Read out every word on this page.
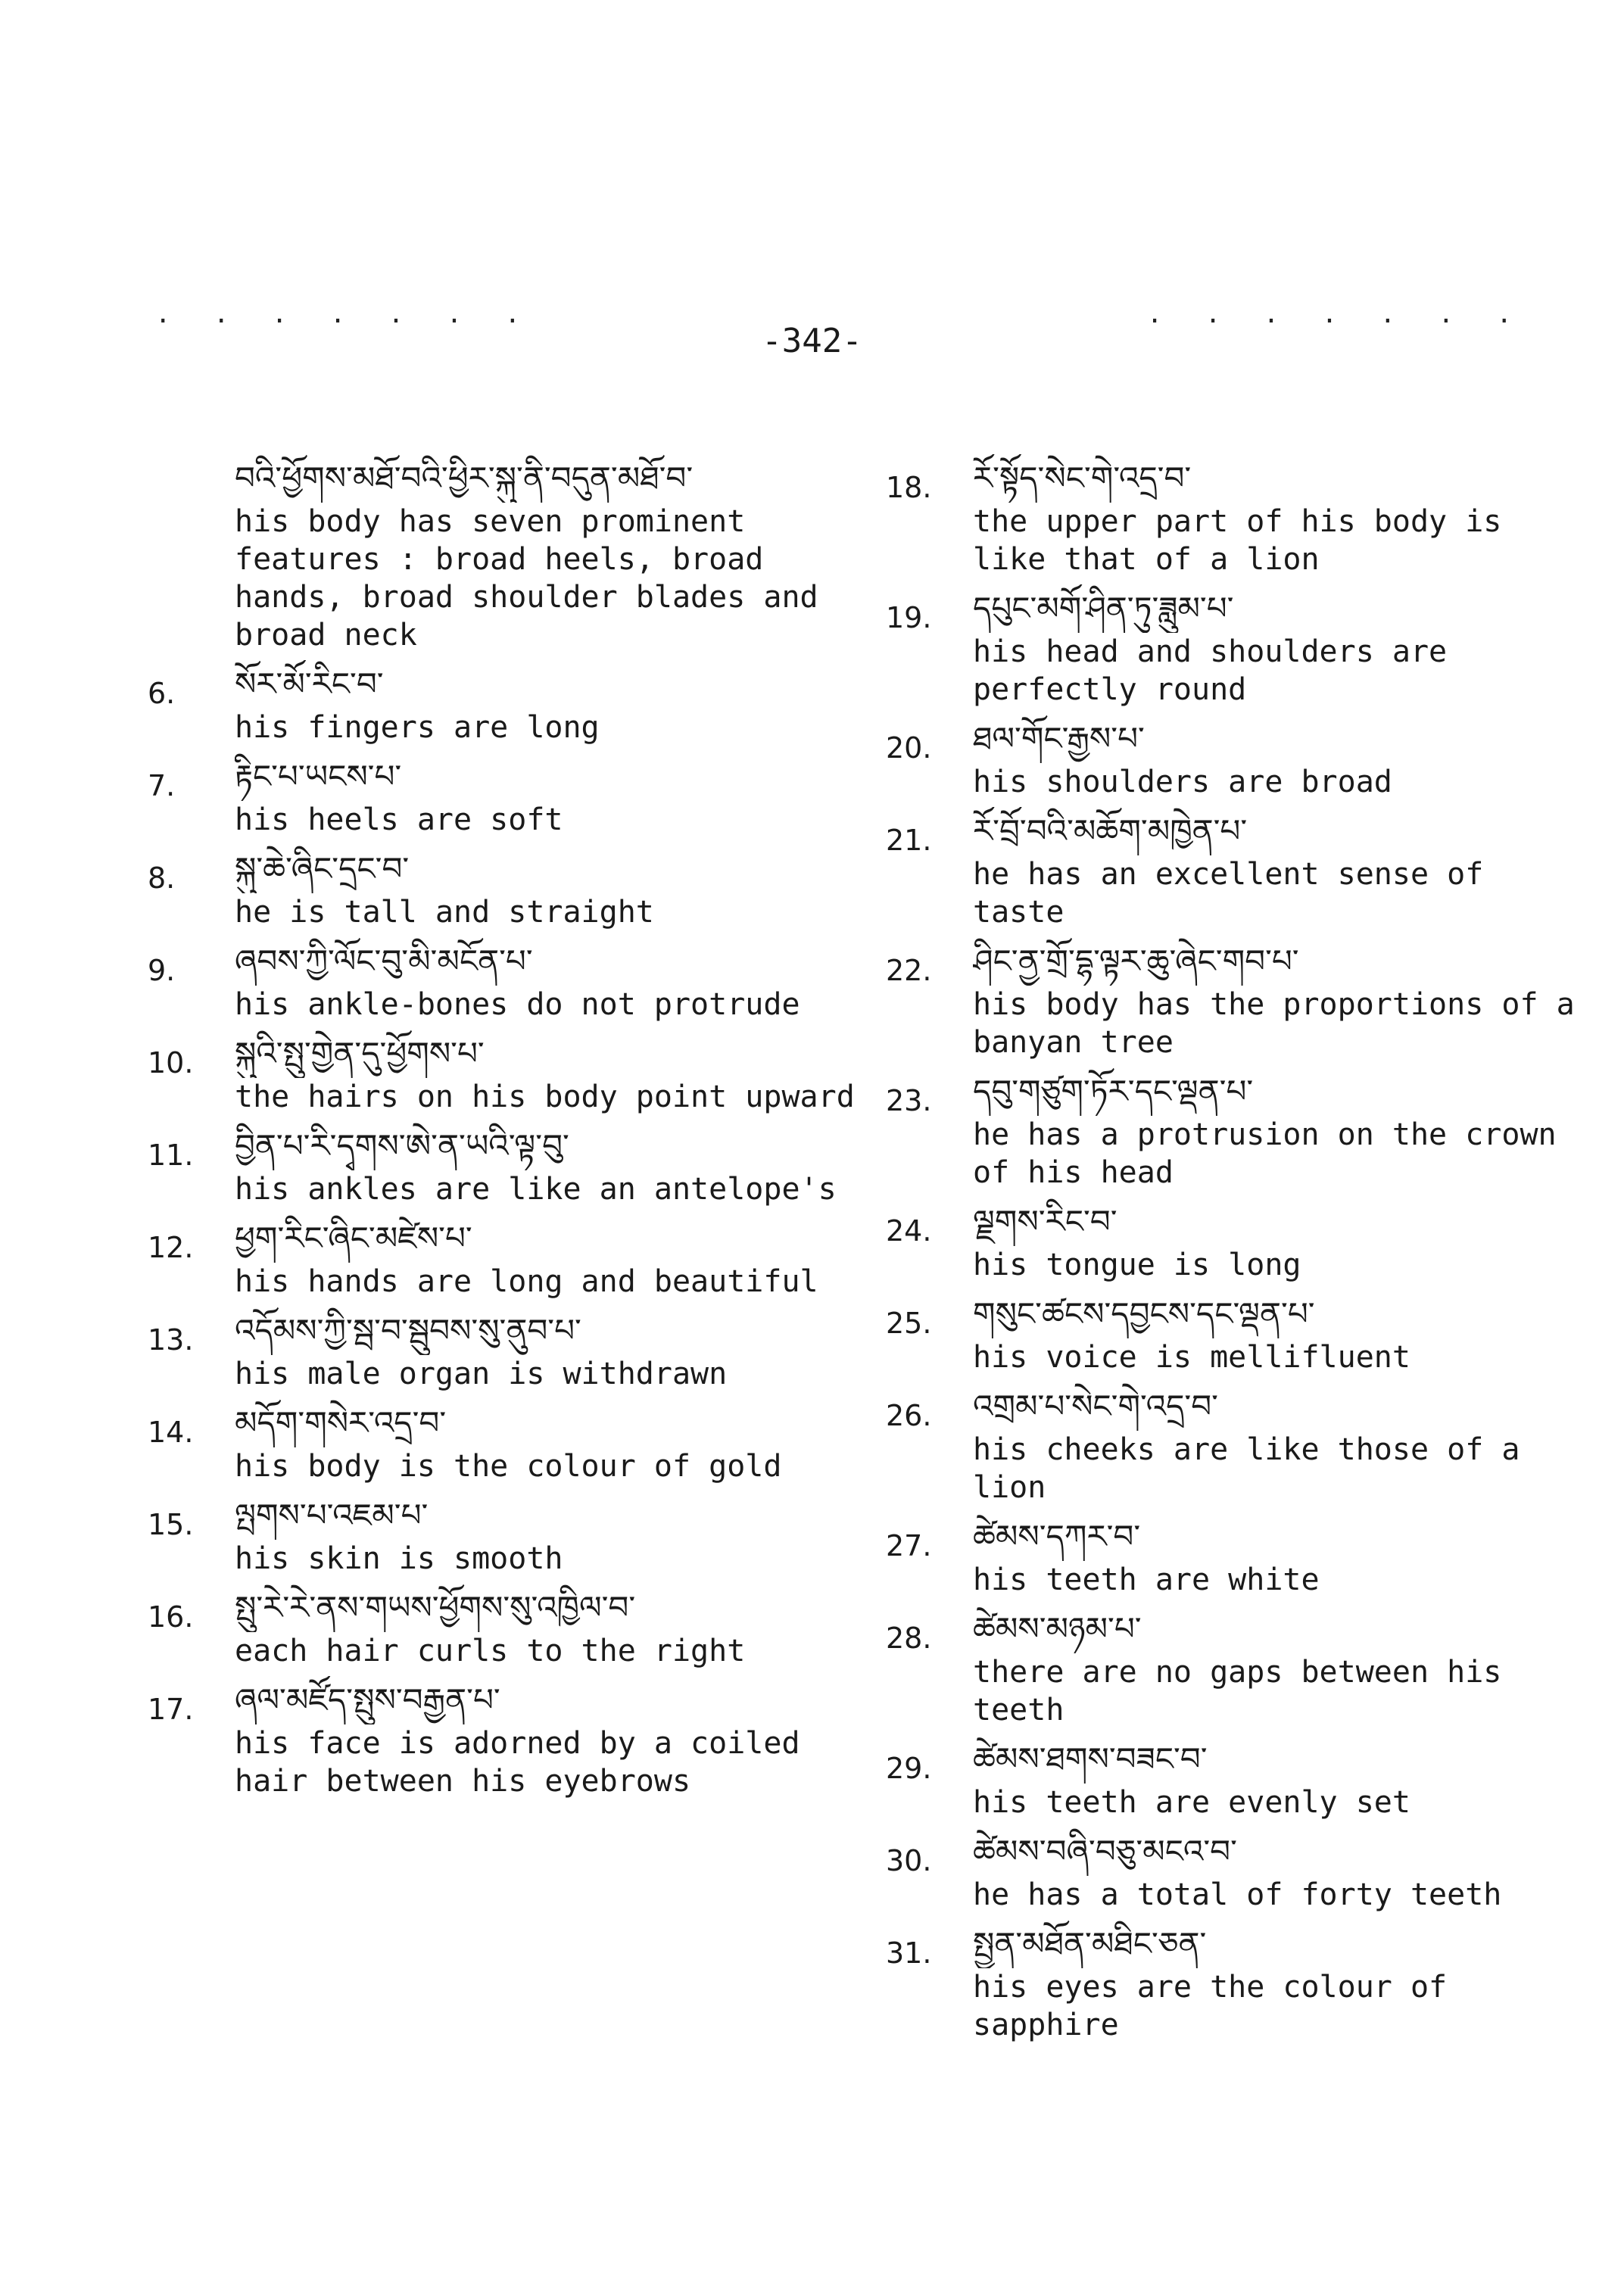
. . . . . . .
-342-
. . . . . . .
བའི་ཕྱོགས་མཐོ་བའི་ཕྱིར་སྐུ་ནི་བདུན་མཐོ་བ་
his body has seven prominent features : broad heels, broad hands, broad shoulder blades and broad neck
6. སོར་མོ་རིང་བ་
his fingers are long
7. རྟིང་པ་ཡངས་པ་
his heels are soft
8. སྐུ་ཆེ་ཞིང་དྲང་བ་
he is tall and straight
9. ཞབས་ཀྱི་ལོང་བུ་མི་མངོན་པ་
his ankle-bones do not protrude
10. སྐུའི་སྤུ་གྱེན་དུ་ཕྱོགས་པ་
the hairs on his body point upward
11. བྱིན་པ་རི་དྭགས་ཨེ་ན་ཡའི་ལྟ་བུ་
his ankles are like an antelope's
12. ཕྱག་རིང་ཞིང་མཛེས་པ་
his hands are long and beautiful
13. འདོམས་ཀྱི་སྦ་བ་སྦུབས་སུ་ནུབ་པ་
his male organ is withdrawn
14. མདོག་གསེར་འདྲ་བ་
his body is the colour of gold
15. ལྤགས་པ་འཇམ་པ་
his skin is smooth
16. སྤུ་རེ་རེ་ནས་གཡས་ཕྱོགས་སུ་འཁྱིལ་བ་
each hair curls to the right
17. ཞལ་མཛོད་སྤུས་བརྒྱན་པ་
his face is adorned by a coiled hair between his eyebrows
18. རོ་སྟོད་སེང་གེ་འདྲ་བ་
the upper part of his body is like that of a lion
19. དཔུང་མགོ་ཤིན་ཏུ་ཟླུམ་པ་
his head and shoulders are perfectly round
20. ཐལ་གོང་རྒྱས་པ་
his shoulders are broad
21. རོ་བྲོ་བའི་མཆོག་མཁྱེན་པ་
he has an excellent sense of taste
22. ཤིང་ནྱ་གྲོ་དྷ་ལྟར་ཆུ་ཞེང་གབ་པ་
his body has the proportions of a banyan tree
23. དབུ་གཙུག་ཏོར་དང་ལྡན་པ་
he has a protrusion on the crown of his head
24. ལྗགས་རིང་བ་
his tongue is long
25. གསུང་ཚངས་དབྱངས་དང་ལྡན་པ་
his voice is mellifluent
26. འགྲམ་པ་སེང་གེ་འདྲ་བ་
his cheeks are like those of a lion
27. ཚེམས་དཀར་བ་
his teeth are white
28. ཚེམས་མཉམ་པ་
there are no gaps between his teeth
29. ཚེམས་ཐགས་བཟང་བ་
his teeth are evenly set
30. ཚེམས་བཞི་བཅུ་མངའ་བ་
he has a total of forty teeth
31. སྤྱན་མཐོན་མཐིང་ཅན་
his eyes are the colour of sapphire
